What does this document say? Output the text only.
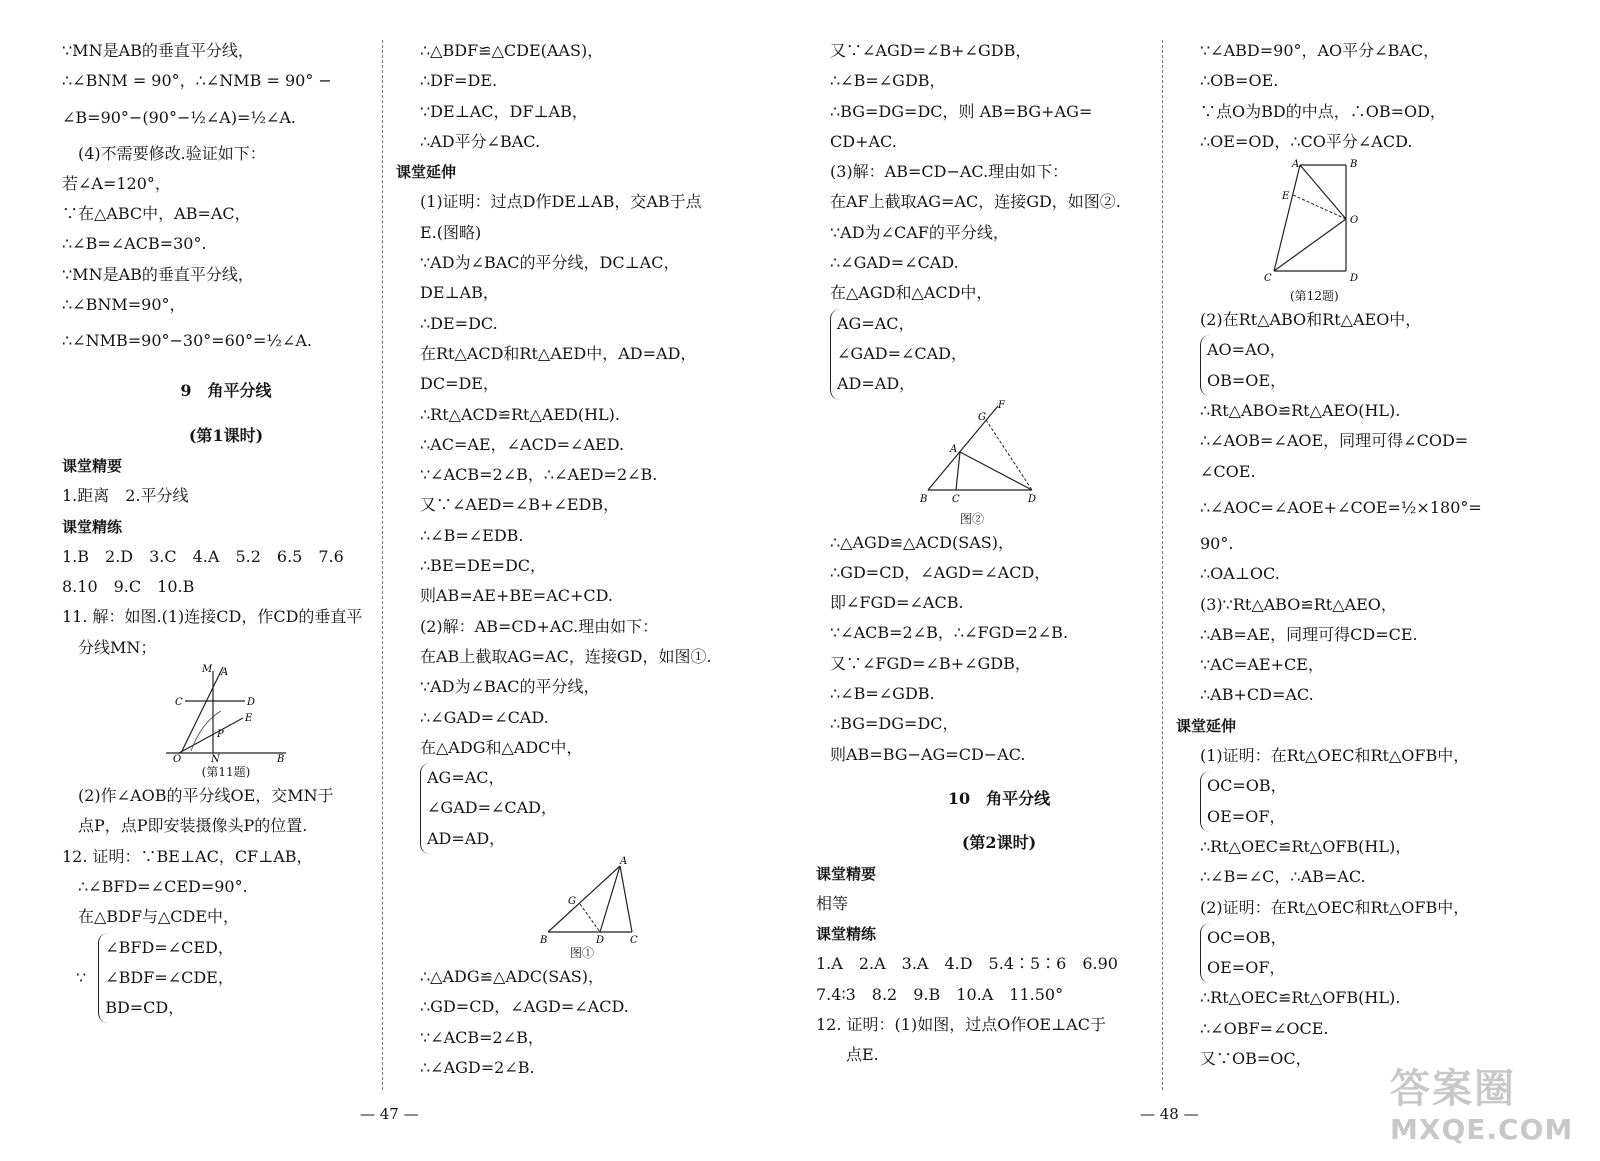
∵MN是AB的垂直平分线，
∴∠BNM = 90°，∴∠NMB = 90° −
∠B=90°−(90°−½∠A)=½∠A.
(4)不需要修改.验证如下：
若∠A=120°，
∵在△ABC中，AB=AC，
∴∠B=∠ACB=30°.
∵MN是AB的垂直平分线，
∴∠BNM=90°，
∴∠NMB=90°−30°=60°=½∠A.
9　角平分线
(第1课时)
课堂精要
1.距离　2.平分线
课堂精练
1.B　2.D　3.C　4.A　5.2　6.5　7.6
8.10　9.C　10.B
11. 解：如图.(1)连接CD，作CD的垂直平
分线MN；
M A
C	D
E
P
O	N	B
(第11题)
(2)作∠AOB的平分线OE，交MN于
点P，点P即安装摄像头P的位置.
12. 证明：∵BE⊥AC，CF⊥AB，
∴∠BFD=∠CED=90°.
在△BDF与△CDE中，
∵
∠BFD=∠CED，
∠BDF=∠CDE，
BD=CD，
∴△BDF≌△CDE(AAS)，
∴DF=DE.
∵DE⊥AC，DF⊥AB，
∴AD平分∠BAC.
课堂延伸
(1)证明：过点D作DE⊥AB，交AB于点
E.(图略)
∵AD为∠BAC的平分线，DC⊥AC，
DE⊥AB，
∴DE=DC.
在Rt△ACD和Rt△AED中，AD=AD，
DC=DE，
∴Rt△ACD≌Rt△AED(HL).
∴AC=AE，∠ACD=∠AED.
∵∠ACB=2∠B，∴∠AED=2∠B.
又∵∠AED=∠B+∠EDB，
∴∠B=∠EDB.
∴BE=DE=DC，
则AB=AE+BE=AC+CD.
(2)解：AB=CD+AC.理由如下：
在AB上截取AG=AC，连接GD，如图①.
∵AD为∠BAC的平分线，
∴∠GAD=∠CAD.
在△ADG和△ADC中，
AG=AC，
∠GAD=∠CAD，
AD=AD，
A
G
B	D	C
图①
∴△ADG≌△ADC(SAS)，
∴GD=CD，∠AGD=∠ACD.
∵∠ACB=2∠B，
∴∠AGD=2∠B.
又∵∠AGD=∠B+∠GDB，
∴∠B=∠GDB，
∴BG=DG=DC，则 AB=BG+AG=
CD+AC.
(3)解：AB=CD−AC.理由如下：
在AF上截取AG=AC，连接GD，如图②.
∵AD为∠CAF的平分线，
∴∠GAD=∠CAD.
在△AGD和△ACD中，
AG=AC，
∠GAD=∠CAD，
AD=AD，
F
G
A
B C	D
图②
∴△AGD≌△ACD(SAS)，
∴GD=CD，∠AGD=∠ACD，
即∠FGD=∠ACB.
∵∠ACB=2∠B，∴∠FGD=2∠B.
又∵∠FGD=∠B+∠GDB，
∴∠B=∠GDB.
∴BG=DG=DC，
则AB=BG−AG=CD−AC.
10　角平分线
(第2课时)
课堂精要
相等
课堂精练
1.A　2.A　3.A　4.D　5.4∶5∶6　6.90
7.4∶3　8.2　9.B　10.A　11.50°
12. 证明：(1)如图，过点O作OE⊥AC于
点E.
∵∠ABD=90°，AO平分∠BAC，
∴OB=OE.
∵点O为BD的中点，∴OB=OD，
∴OE=OD，∴CO平分∠ACD.
A	B
E
O
C	D
(第12题)
(2)在Rt△ABO和Rt△AEO中，
AO=AO，
OB=OE，
∴Rt△ABO≌Rt△AEO(HL).
∴∠AOB=∠AOE，同理可得∠COD=
∠COE.
∴∠AOC=∠AOE+∠COE=½×180°=
90°.
∴OA⊥OC.
(3)∵Rt△ABO≌Rt△AEO，
∴AB=AE，同理可得CD=CE.
∵AC=AE+CE，
∴AB+CD=AC.
课堂延伸
(1)证明：在Rt△OEC和Rt△OFB中，
OC=OB，
OE=OF，
∴Rt△OEC≌Rt△OFB(HL)，
∴∠B=∠C，∴AB=AC.
(2)证明：在Rt△OEC和Rt△OFB中，
OC=OB，
OE=OF，
∴Rt△OEC≌Rt△OFB(HL).
∴∠OBF=∠OCE.
又∵OB=OC，
— 47 —	— 48 —
答案圈
MXQE.COM
